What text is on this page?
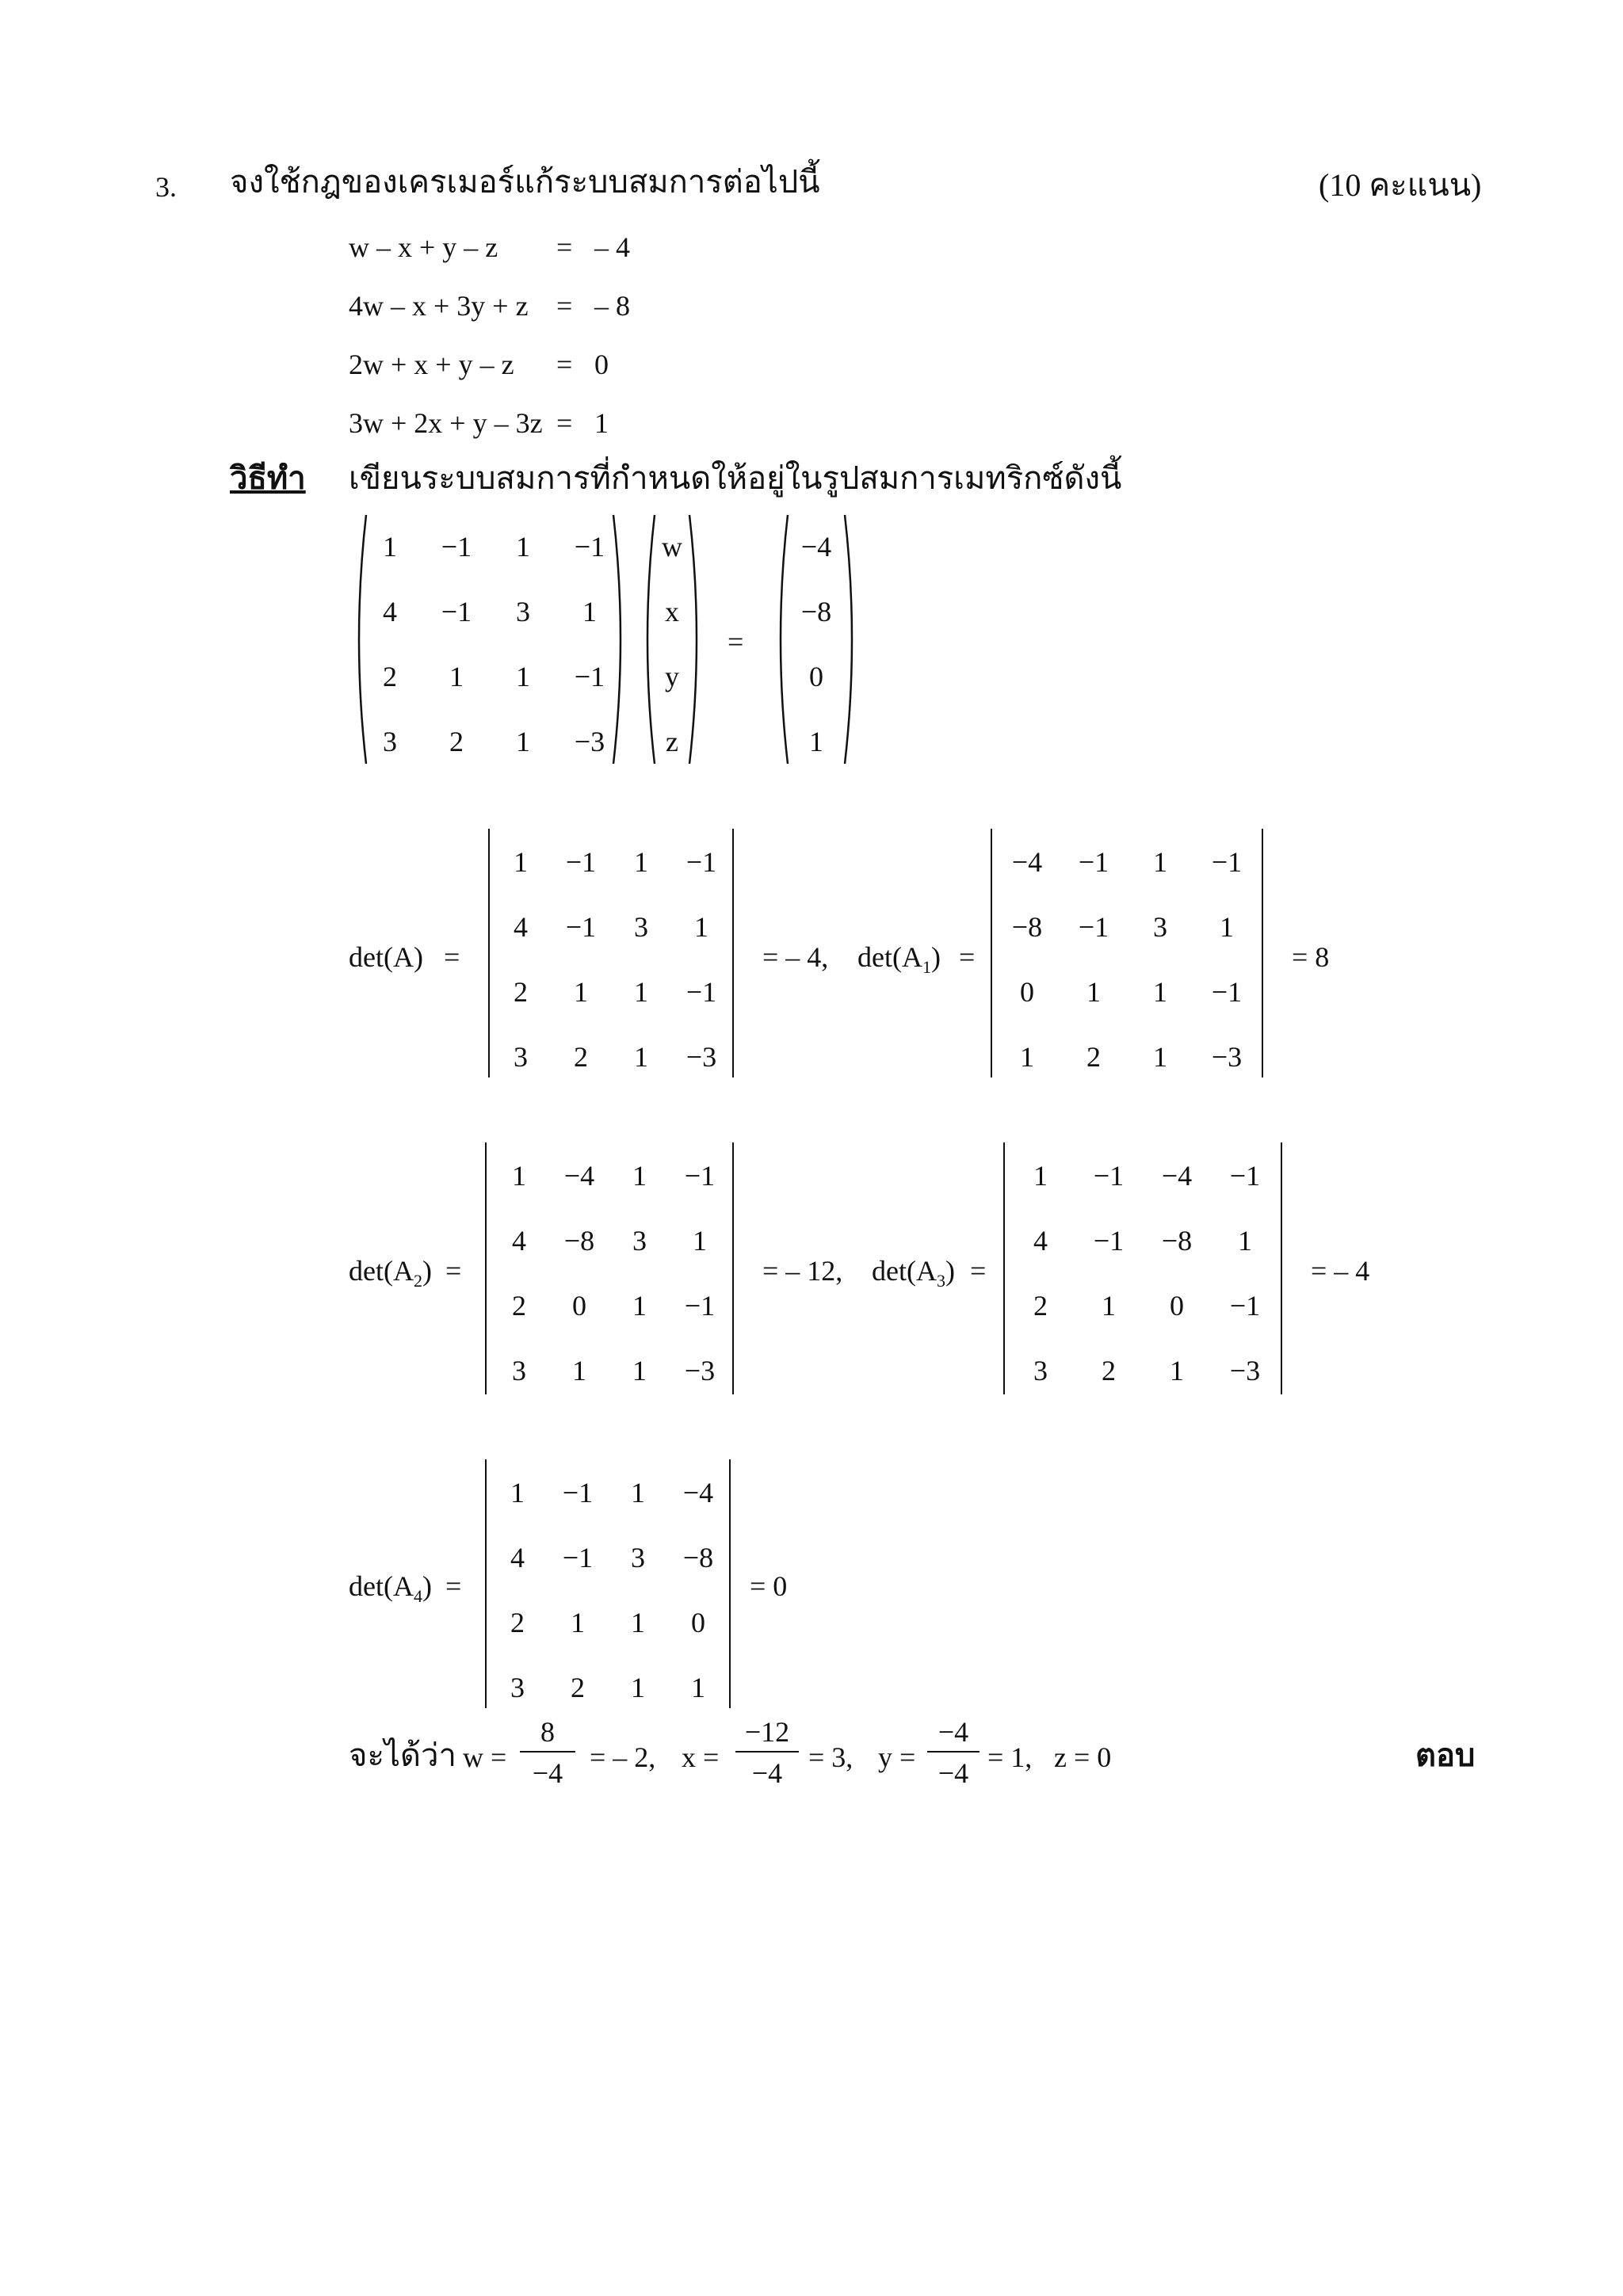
3. จงใช้กฎของเครเมอร์แก้ระบบสมการต่อไปนี้	(10 คะแนน)
w – x + y – z = – 4
4w – x + 3y + z = – 8
2w + x + y – z = 0
3w + 2x + y – 3z = 1
วิธีทำ เขียนระบบสมการที่กำหนดให้อยู่ในรูปสมการเมทริกซ์ดังนี้
1	−1	1	−1
4	−1	3	1
2	1	1	−1
3	2	1	−3
w
x
y
z
=
−4
−8
0
1
det(A) =
1	−1	1	−1
4	−1	3	1
2	1	1	−1
3	2	1	−3
= – 4, $\det(A_1)$ =
−4	−1	1	−1
−8	−1	3	1
0	1	1	−1
1	2	1	−3
= 8
$\det(A_2)$ =
1	−4	1	−1
4	−8	3	1
2	0	1	−1
3	1	1	−3
= – 12, $\det(A_3)$ =
1	−1	−4	−1
4	−1	−8	1
2	1	0	−1
3	2	1	−3
= – 4
$\det(A_4)$ =
1	−1	1	−4
4	−1	3	−8
2	1	1	0
3	2	1	1
= 0
จะได้ว่า w =
8
−4 = – 2, x =
−12
−4 = 3, y =
−4
−4 = 1, z = 0	ตอบ
